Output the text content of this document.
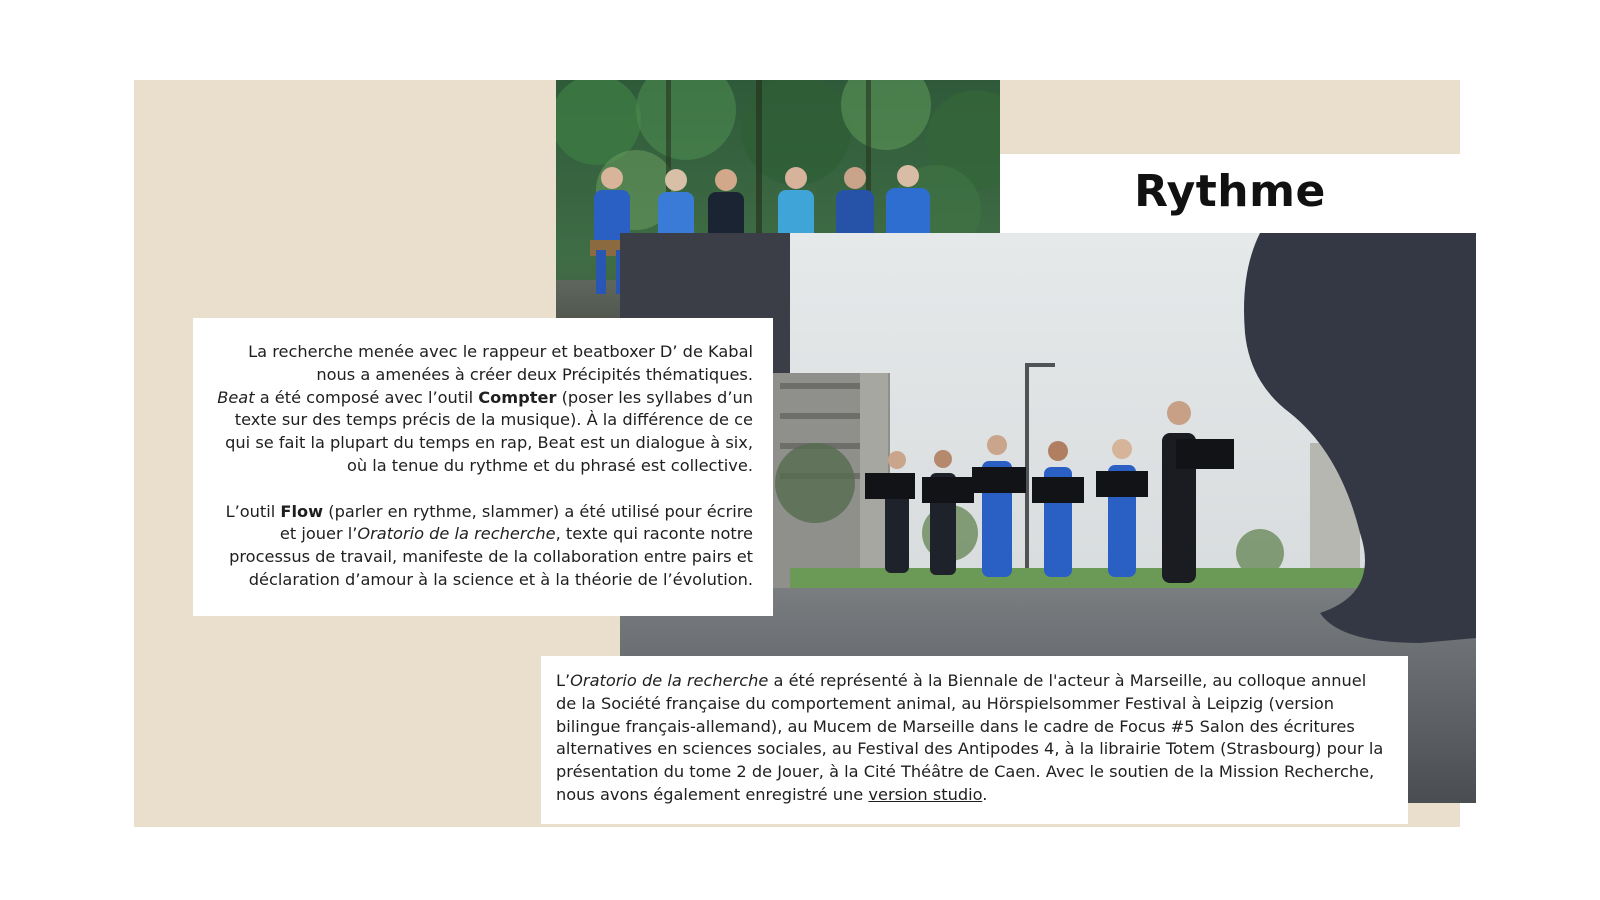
Rythme

La recherche menée avec le rappeur et beatboxer D’ de Kabal nous a amenées à créer deux Précipités thématiques.

Beat a été composé avec l’outil Compter (poser les syllabes d’un texte sur des temps précis de la musique). À la différence de ce qui se fait la plupart du temps en rap, Beat est un dialogue à six, où la tenue du rythme et du phrasé est collective.

L’outil Flow (parler en rythme, slammer) a été utilisé pour écrire et jouer l’Oratorio de la recherche, texte qui raconte notre processus de travail, manifeste de la collaboration entre pairs et déclaration d’amour à la science et à la théorie de l’évolution.

L’Oratorio de la recherche a été représenté à la Biennale de l'acteur à Marseille, au colloque annuel de la Société française du comportement animal, au Hörspielsommer Festival à Leipzig (version bilingue français-allemand), au Mucem de Marseille dans le cadre de Focus #5 Salon des écritures alternatives en sciences sociales, au Festival des Antipodes 4, à la librairie Totem (Strasbourg) pour la présentation du tome 2 de Jouer, à la Cité Théâtre de Caen. Avec le soutien de la Mission Recherche, nous avons également enregistré une version studio.
